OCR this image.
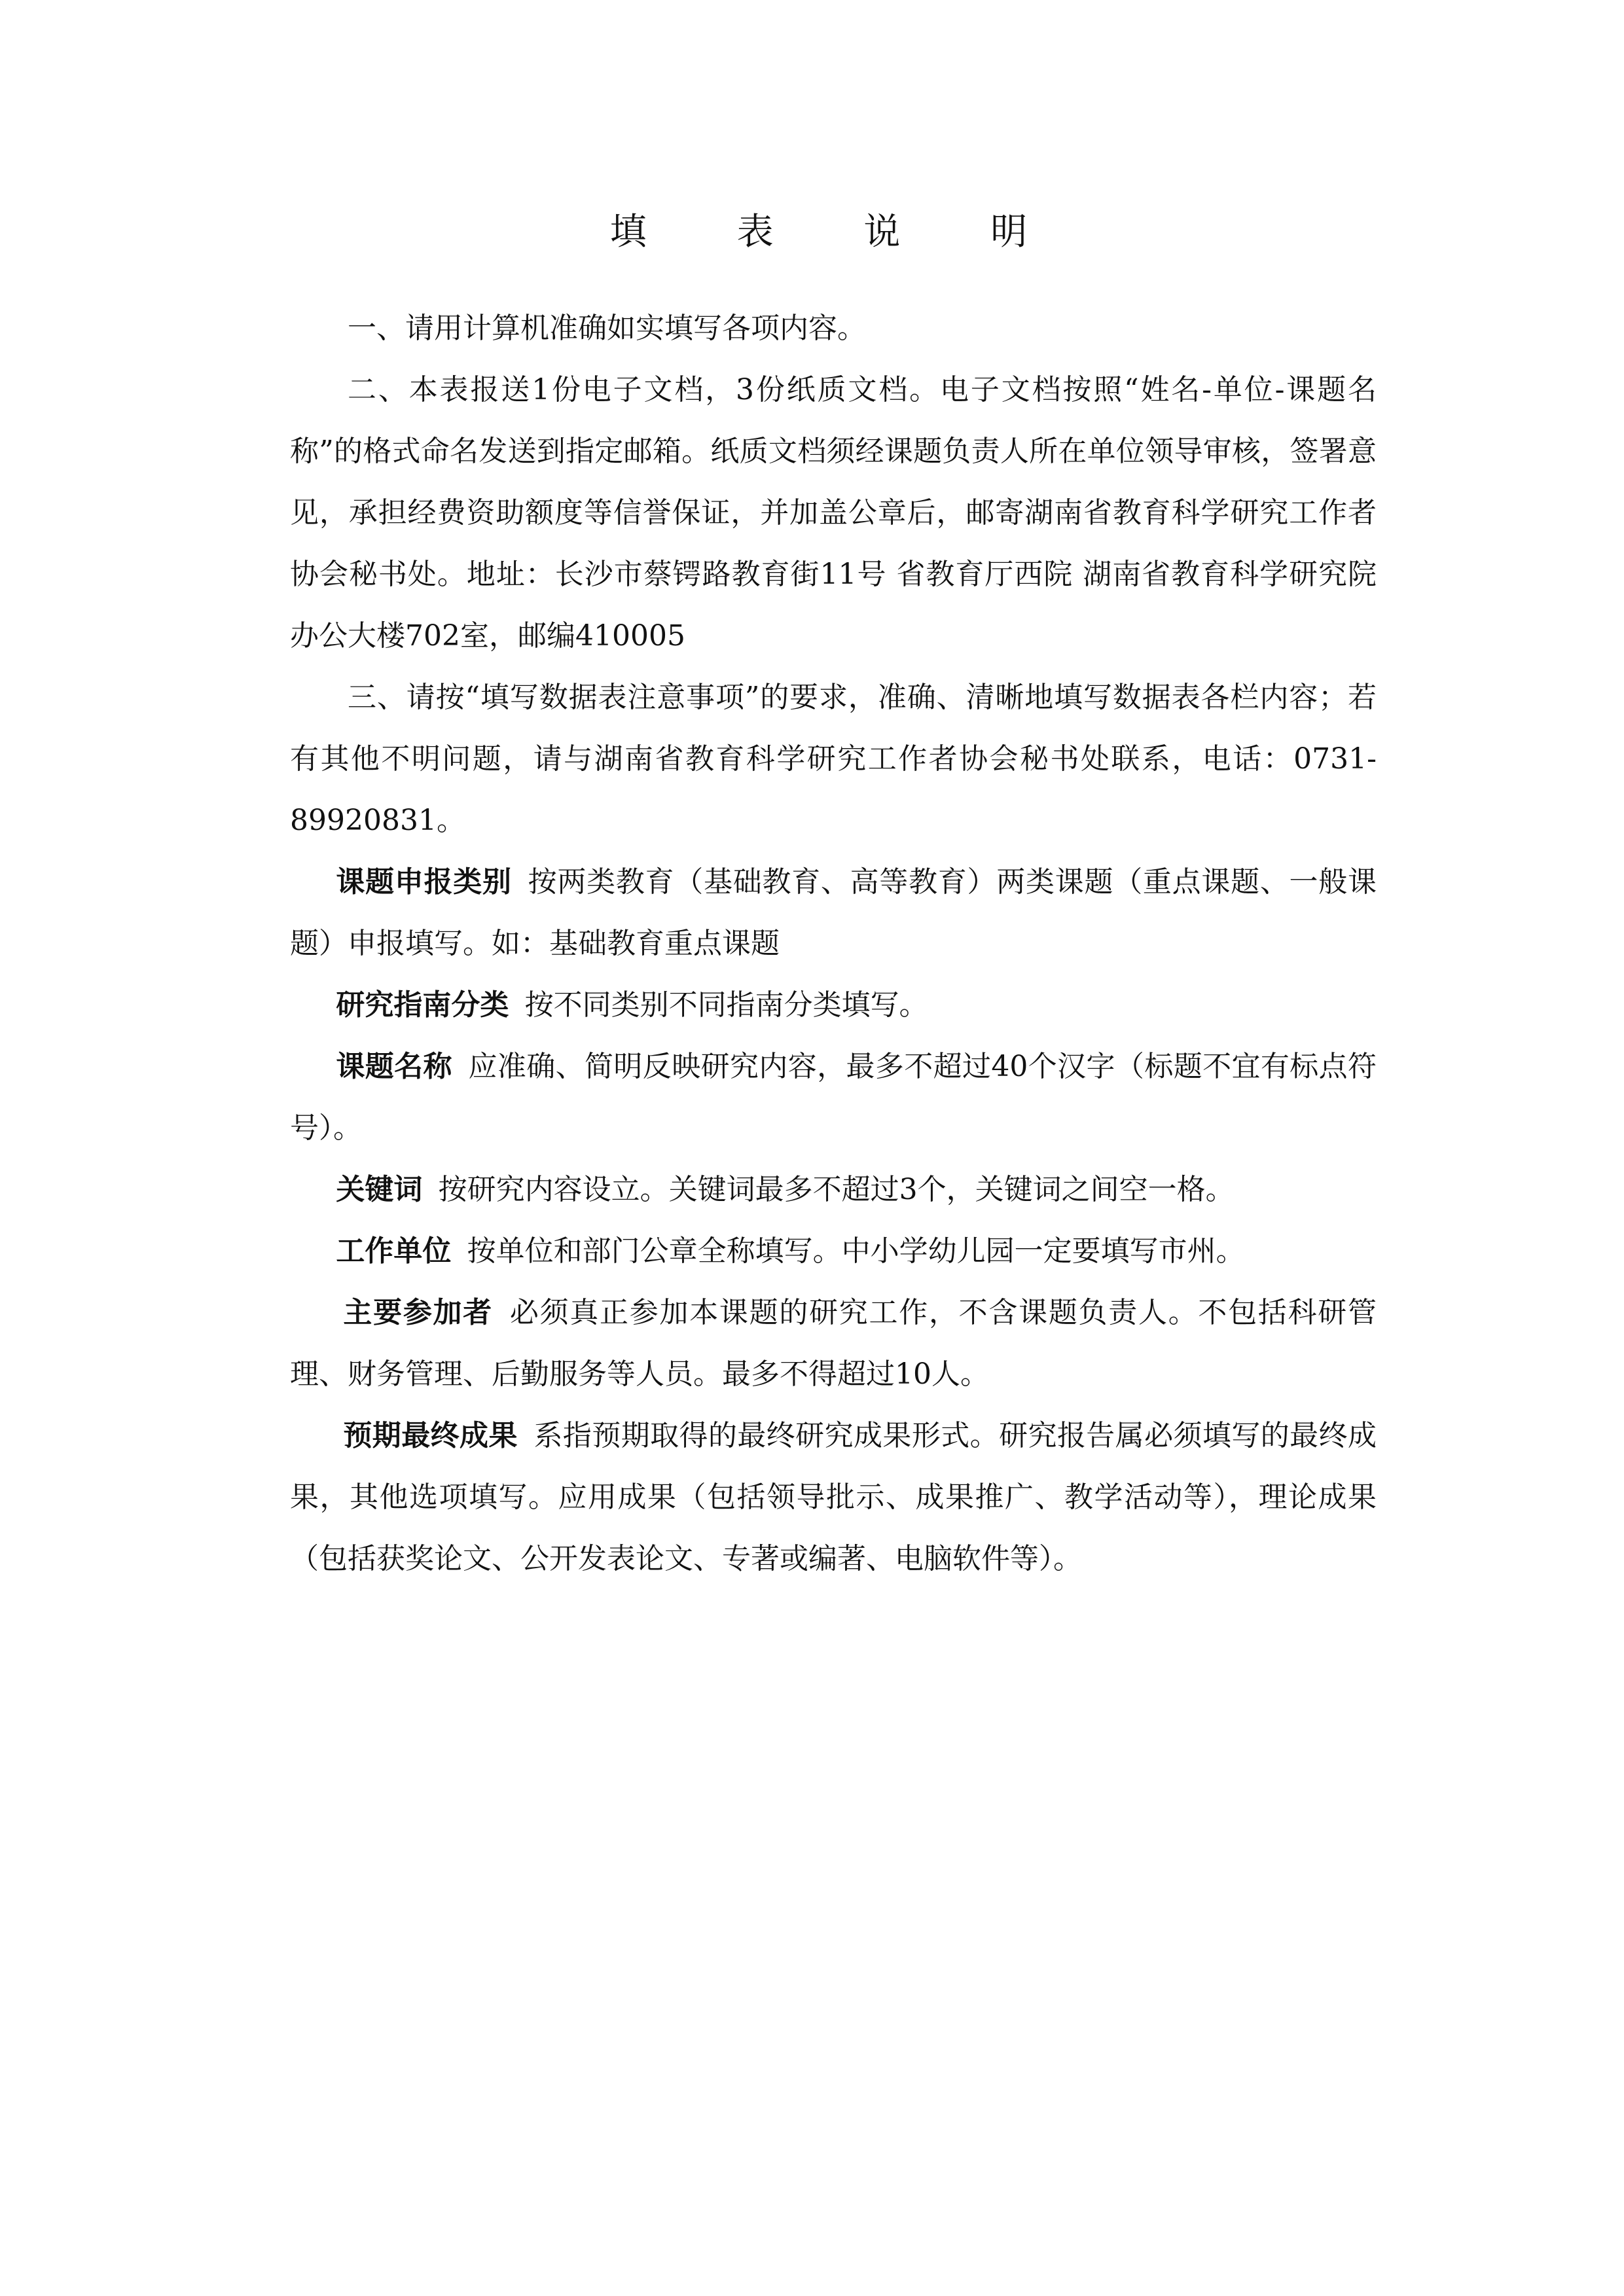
填 表 说 明

一、请用计算机准确如实填写各项内容。

二、本表报送1份电子文档，3份纸质文档。电子文档按照“姓名-单位-课题名称”的格式命名发送到指定邮箱。纸质文档须经课题负责人所在单位领导审核，签署意见，承担经费资助额度等信誉保证，并加盖公章后，邮寄湖南省教育科学研究工作者协会秘书处。地址：长沙市蔡锷路教育街11号 省教育厅西院 湖南省教育科学研究院办公大楼702室，邮编410005

三、请按“填写数据表注意事项”的要求，准确、清晰地填写数据表各栏内容；若有其他不明问题，请与湖南省教育科学研究工作者协会秘书处联系，电话：0731-89920831。

课题申报类别 按两类教育（基础教育、高等教育）两类课题（重点课题、一般课题）申报填写。如：基础教育重点课题

研究指南分类 按不同类别不同指南分类填写。

课题名称 应准确、简明反映研究内容，最多不超过40个汉字（标题不宜有标点符号）。

关键词 按研究内容设立。关键词最多不超过3个，关键词之间空一格。

工作单位 按单位和部门公章全称填写。中小学幼儿园一定要填写市州。

主要参加者 必须真正参加本课题的研究工作，不含课题负责人。不包括科研管理、财务管理、后勤服务等人员。最多不得超过10人。

预期最终成果 系指预期取得的最终研究成果形式。研究报告属必须填写的最终成果，其他选项填写。应用成果（包括领导批示、成果推广、教学活动等），理论成果（包括获奖论文、公开发表论文、专著或编著、电脑软件等）。
